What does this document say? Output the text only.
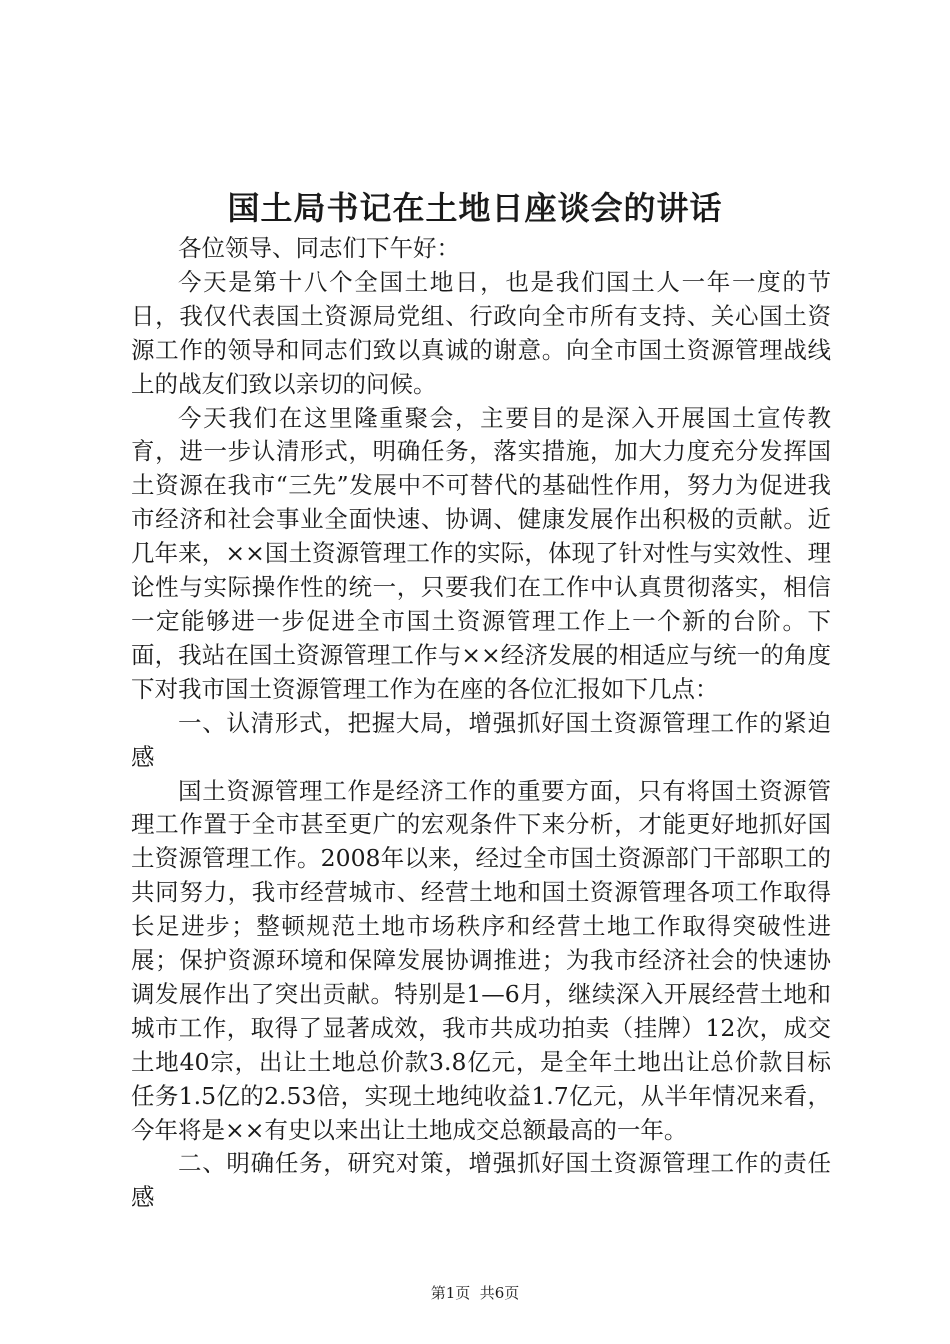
国土局书记在土地日座谈会的讲话

各位领导、同志们下午好：

今天是第十八个全国土地日，也是我们国土人一年一度的节日，我仅代表国土资源局党组、行政向全市所有支持、关心国土资源工作的领导和同志们致以真诚的谢意。向全市国土资源管理战线上的战友们致以亲切的问候。

今天我们在这里隆重聚会，主要目的是深入开展国土宣传教育，进一步认清形式，明确任务，落实措施，加大力度充分发挥国土资源在我市“三先”发展中不可替代的基础性作用，努力为促进我市经济和社会事业全面快速、协调、健康发展作出积极的贡献。近几年来，××国土资源管理工作的实际，体现了针对性与实效性、理论性与实际操作性的统一，只要我们在工作中认真贯彻落实，相信一定能够进一步促进全市国土资源管理工作上一个新的台阶。下面，我站在国土资源管理工作与××经济发展的相适应与统一的角度下对我市国土资源管理工作为在座的各位汇报如下几点：

一、认清形式，把握大局，增强抓好国土资源管理工作的紧迫感

国土资源管理工作是经济工作的重要方面，只有将国土资源管理工作置于全市甚至更广的宏观条件下来分析，才能更好地抓好国土资源管理工作。2008年以来，经过全市国土资源部门干部职工的共同努力，我市经营城市、经营土地和国土资源管理各项工作取得长足进步；整顿规范土地市场秩序和经营土地工作取得突破性进展；保护资源环境和保障发展协调推进；为我市经济社会的快速协调发展作出了突出贡献。特别是1—6月，继续深入开展经营土地和城市工作，取得了显著成效，我市共成功拍卖（挂牌）12次，成交土地40宗，出让土地总价款3.8亿元，是全年土地出让总价款目标任务1.5亿的2.53倍，实现土地纯收益1.7亿元，从半年情况来看，今年将是××有史以来出让土地成交总额最高的一年。

二、明确任务，研究对策，增强抓好国土资源管理工作的责任感

第1页  共6页
